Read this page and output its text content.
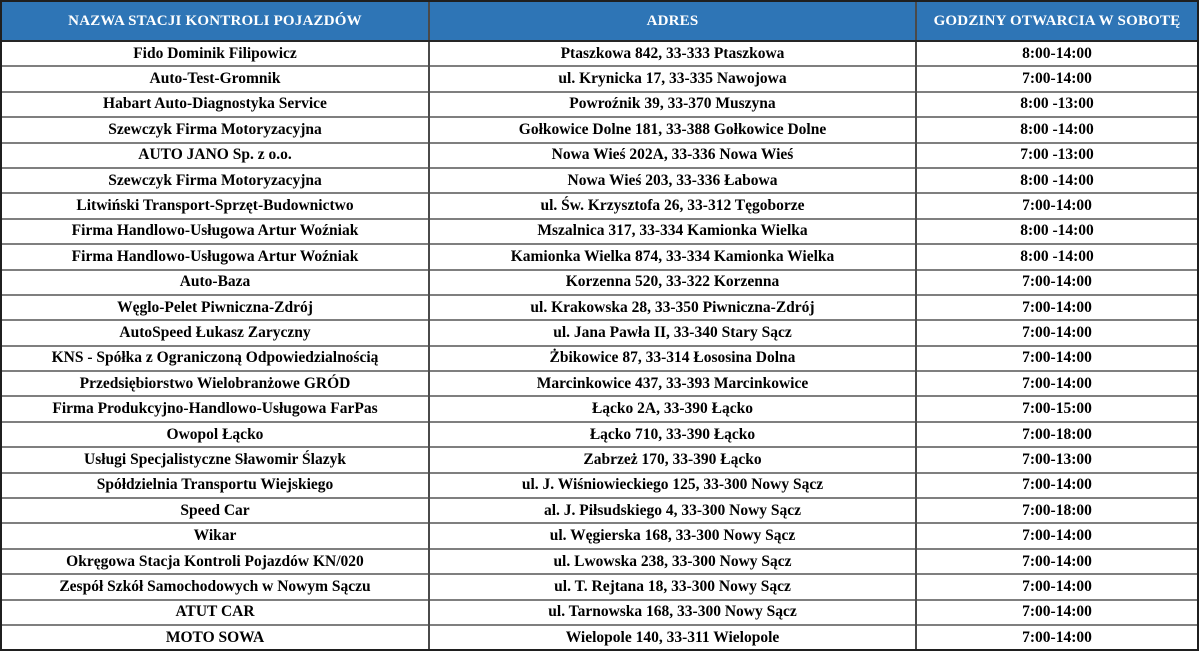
NAZWA STACJI KONTROLI POJAZDÓW	ADRES	GODZINY OTWARCIA W SOBOTĘ
Fido Dominik Filipowicz	Ptaszkowa 842, 33-333 Ptaszkowa	8:00-14:00
Auto-Test-Gromnik	ul. Krynicka 17, 33-335 Nawojowa	7:00-14:00
Habart Auto-Diagnostyka Service	Powroźnik 39, 33-370 Muszyna	8:00 -13:00
Szewczyk Firma Motoryzacyjna	Gołkowice Dolne 181, 33-388 Gołkowice Dolne	8:00 -14:00
AUTO JANO Sp. z o.o.	Nowa Wieś 202A, 33-336 Nowa Wieś	7:00 -13:00
Szewczyk Firma Motoryzacyjna	Nowa Wieś 203, 33-336 Łabowa	8:00 -14:00
Litwiński Transport-Sprzęt-Budownictwo	ul. Św. Krzysztofa 26, 33-312 Tęgoborze	7:00-14:00
Firma Handlowo-Usługowa Artur Woźniak	Mszalnica 317, 33-334 Kamionka Wielka	8:00 -14:00
Firma Handlowo-Usługowa Artur Woźniak	Kamionka Wielka 874, 33-334 Kamionka Wielka	8:00 -14:00
Auto-Baza	Korzenna 520, 33-322 Korzenna	7:00-14:00
Węglo-Pelet Piwniczna-Zdrój	ul. Krakowska 28, 33-350 Piwniczna-Zdrój	7:00-14:00
AutoSpeed Łukasz Zaryczny	ul. Jana Pawła II, 33-340 Stary Sącz	7:00-14:00
KNS - Spółka z Ograniczoną Odpowiedzialnością	Żbikowice 87, 33-314 Łososina Dolna	7:00-14:00
Przedsiębiorstwo Wielobranżowe GRÓD	Marcinkowice 437, 33-393 Marcinkowice	7:00-14:00
Firma Produkcyjno-Handlowo-Usługowa FarPas	Łącko 2A, 33-390 Łącko	7:00-15:00
Owopol Łącko	Łącko 710, 33-390 Łącko	7:00-18:00
Usługi Specjalistyczne Sławomir Ślazyk	Zabrzeż 170, 33-390 Łącko	7:00-13:00
Spółdzielnia Transportu Wiejskiego	ul. J. Wiśniowieckiego 125, 33-300 Nowy Sącz	7:00-14:00
Speed Car	al. J. Piłsudskiego 4, 33-300 Nowy Sącz	7:00-18:00
Wikar	ul. Węgierska 168, 33-300 Nowy Sącz	7:00-14:00
Okręgowa Stacja Kontroli Pojazdów KN/020	ul. Lwowska 238, 33-300 Nowy Sącz	7:00-14:00
Zespół Szkół Samochodowych w Nowym Sączu	ul. T. Rejtana 18, 33-300 Nowy Sącz	7:00-14:00
ATUT CAR	ul. Tarnowska 168, 33-300 Nowy Sącz	7:00-14:00
MOTO SOWA	Wielopole 140, 33-311 Wielopole	7:00-14:00
